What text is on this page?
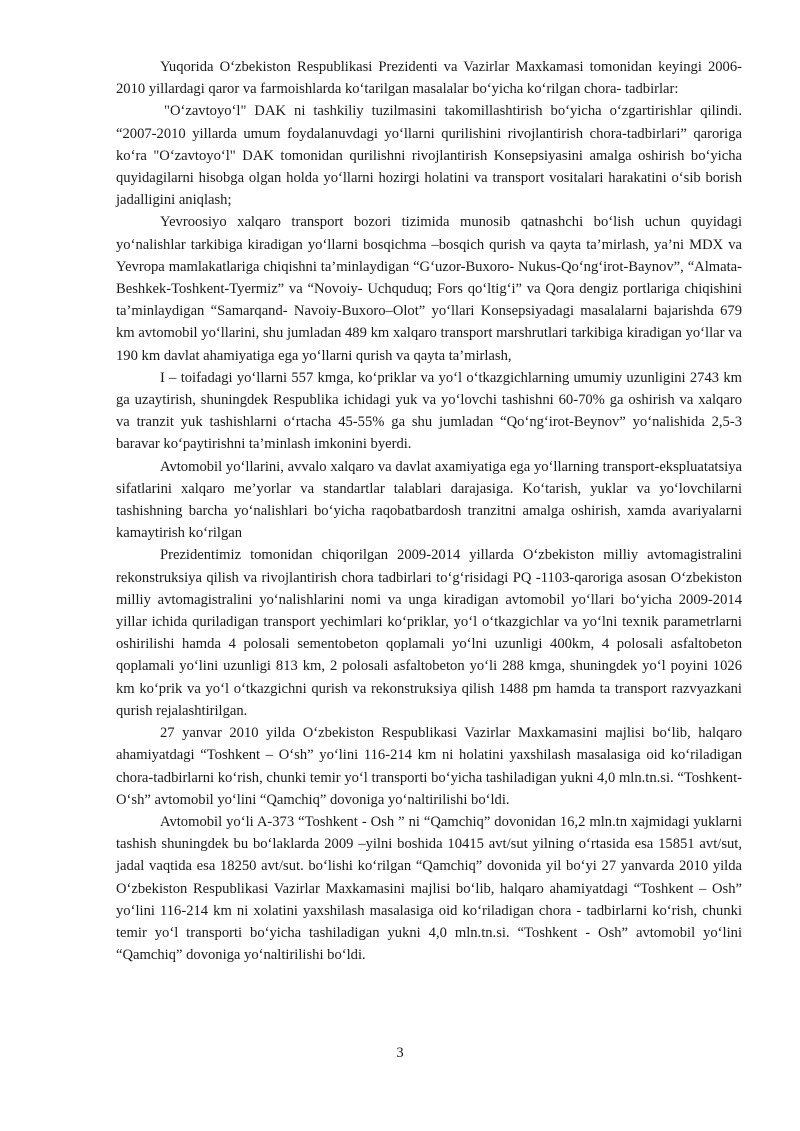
Yuqorida O‘zbekiston Respublikasi Prezidenti va Vazirlar Maxkamasi tomonidan keyingi 2006-2010 yillardagi qaror va farmoishlarda ko‘tarilgan masalalar bo‘yicha ko‘rilgan chora- tadbirlar:

"O‘zavtoyo‘l" DAK ni tashkiliy tuzilmasini takomillashtirish bo‘yicha o‘zgartirishlar qilindi. “2007-2010 yillarda umum foydalanuvdagi yo‘llarni qurilishini rivojlantirish chora-tadbirlari” qaroriga ko‘ra "O‘zavtoyo‘l" DAK tomonidan qurilishni rivojlantirish Konsepsiyasini amalga oshirish bo‘yicha quyidagilarni hisobga olgan holda yo‘llarni hozirgi holatini va transport vositalari harakatini o‘sib borish jadalligini aniqlash;

Yevroosiyo xalqaro transport bozori tizimida munosib qatnashchi bo‘lish uchun quyidagi yo‘nalishlar tarkibiga kiradigan yo‘llarni bosqichma –bosqich qurish va qayta ta’mirlash, ya’ni MDX va Yevropa mamlakatlariga chiqishni ta’minlaydigan “G‘uzor-Buxoro- Nukus-Qo‘ng‘irot-Baynov”, “Almata- Beshkek-Toshkent-Tyermiz” va “Novoiy- Uchquduq; Fors qo‘ltig‘i” va Qora dengiz portlariga chiqishini ta’minlaydigan “Samarqand- Navoiy-Buxoro–Olot” yo‘llari Konsepsiyadagi masalalarni bajarishda 679 km avtomobil yo‘llarini, shu jumladan 489 km xalqaro transport marshrutlari tarkibiga kiradigan yo‘llar va 190 km davlat ahamiyatiga ega yo‘llarni qurish va qayta ta’mirlash,

I – toifadagi yo‘llarni 557 kmga, ko‘priklar va yo‘l o‘tkazgichlarning umumiy uzunligini 2743 km ga uzaytirish, shuningdek Respublika ichidagi yuk va yo‘lovchi tashishni 60-70% ga oshirish va xalqaro va tranzit yuk tashishlarni o‘rtacha 45-55% ga shu jumladan “Qo‘ng‘irot-Beynov” yo‘nalishida 2,5-3 baravar ko‘paytirishni ta’minlash imkonini byerdi.

Avtomobil yo‘llarini, avvalo xalqaro va davlat axamiyatiga ega yo‘llarning transport-ekspluatatsiya sifatlarini xalqaro me’yorlar va standartlar talablari darajasiga. Ko‘tarish, yuklar va yo‘lovchilarni tashishning barcha yo‘nalishlari bo‘yicha raqobatbardosh tranzitni amalga oshirish, xamda avariyalarni kamaytirish ko‘rilgan

Prezidentimiz tomonidan chiqorilgan 2009-2014 yillarda O‘zbekiston milliy avtomagistralini rekonstruksiya qilish va rivojlantirish chora tadbirlari to‘g‘risidagi PQ -1103-qaroriga asosan O‘zbekiston milliy avtomagistralini yo‘nalishlarini nomi va unga kiradigan avtomobil yo‘llari bo‘yicha 2009-2014 yillar ichida quriladigan transport yechimlari ko‘priklar, yo‘l o‘tkazgichlar va yo‘lni texnik parametrlarni oshirilishi hamda 4 polosali sementobeton qoplamali yo‘lni uzunligi 400km, 4 polosali asfaltobeton qoplamali yo‘lini uzunligi 813 km, 2 polosali asfaltobeton yo‘li 288 kmga, shuningdek yo‘l poyini 1026 km ko‘prik va yo‘l o‘tkazgichni qurish va rekonstruksiya qilish 1488 pm hamda ta transport razvyazkani qurish rejalashtirilgan.

27 yanvar 2010 yilda O‘zbekiston Respublikasi Vazirlar Maxkamasini majlisi bo‘lib, halqaro ahamiyatdagi “Toshkent – O‘sh” yo‘lini 116-214 km ni holatini yaxshilash masalasiga oid ko‘riladigan chora-tadbirlarni ko‘rish, chunki temir yo‘l transporti bo‘yicha tashiladigan yukni 4,0 mln.tn.si. “Toshkent-O‘sh” avtomobil yo‘lini “Qamchiq” dovoniga yo‘naltirilishi bo‘ldi.

Avtomobil yo‘li A-373 “Toshkent - Osh ” ni “Qamchiq” dovonidan 16,2 mln.tn xajmidagi yuklarni tashish shuningdek bu bo‘laklarda 2009 –yilni boshida 10415 avt/sut yilning o‘rtasida esa 15851 avt/sut, jadal vaqtida esa 18250 avt/sut. bo‘lishi ko‘rilgan “Qamchiq” dovonida yil bo‘yi 27 yanvarda 2010 yilda O‘zbekiston Respublikasi Vazirlar Maxkamasini majlisi bo‘lib, halqaro ahamiyatdagi “Toshkent – Osh” yo‘lini 116-214 km ni xolatini yaxshilash masalasiga oid ko‘riladigan chora - tadbirlarni ko‘rish, chunki temir yo‘l transporti bo‘yicha tashiladigan yukni 4,0 mln.tn.si. “Toshkent - Osh” avtomobil yo‘lini “Qamchiq” dovoniga yo‘naltirilishi bo‘ldi.

3
